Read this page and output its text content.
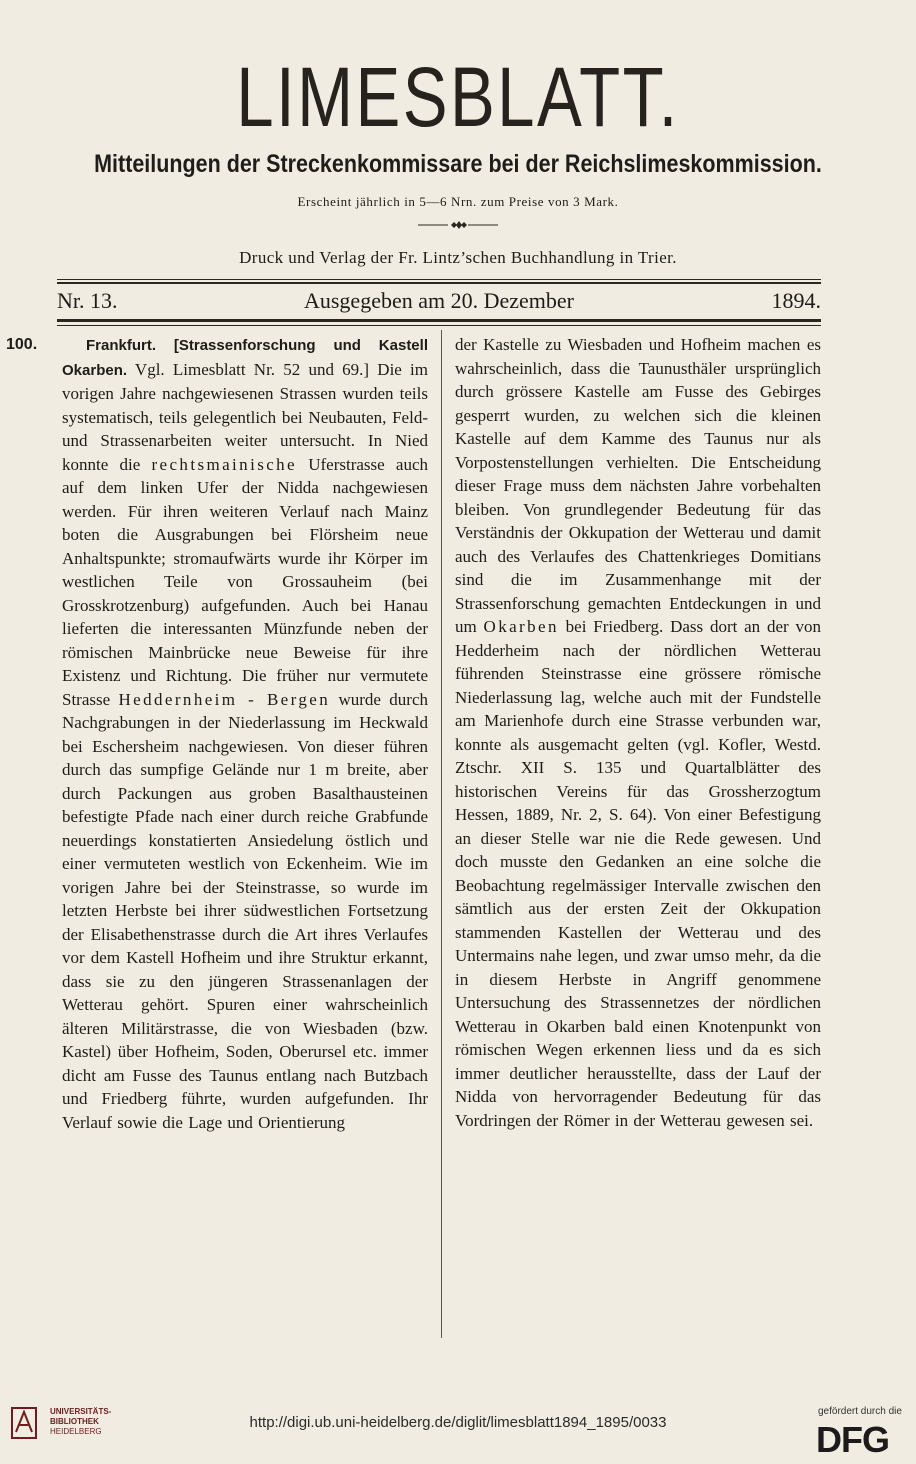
LIMESBLATT.
Mitteilungen der Streckenkommissare bei der Reichslimeskommission.
Erscheint jährlich in 5—6 Nrn. zum Preise von 3 Mark.
Druck und Verlag der Fr. Lintz’schen Buchhandlung in Trier.
Nr. 13.	Ausgegeben am 20. Dezember	1894.
100.	Frankfurt. [Strassenforschung und Kastell Okarben. Vgl. Limesblatt Nr. 52 und 69.] Die im vorigen Jahre nachgewiesenen Strassen wurden teils systematisch, teils gelegentlich bei Neubauten, Feld- und Strassenarbeiten weiter untersucht. In Nied konnte die rechtsmainische Uferstrasse auch auf dem linken Ufer der Nidda nachgewiesen werden. Für ihren weiteren Verlauf nach Mainz boten die Ausgrabungen bei Flörsheim neue Anhaltspunkte; stromaufwärts wurde ihr Körper im westlichen Teile von Grossauheim (bei Grosskrotzenburg) aufgefunden. Auch bei Hanau lieferten die interessanten Münzfunde neben der römischen Mainbrücke neue Beweise für ihre Existenz und Richtung. Die früher nur vermutete Strasse Heddernheim - Bergen wurde durch Nachgrabungen in der Niederlassung im Heckwald bei Eschersheim nachgewiesen. Von dieser führen durch das sumpfige Gelände nur 1 m breite, aber durch Packungen aus groben Basalthausteinen befestigte Pfade nach einer durch reiche Grabfunde neuerdings konstatierten Ansiedelung östlich und einer vermuteten westlich von Eckenheim. Wie im vorigen Jahre bei der Steinstrasse, so wurde im letzten Herbste bei ihrer südwestlichen Fortsetzung der Elisabethenstrasse durch die Art ihres Verlaufes vor dem Kastell Hofheim und ihre Struktur erkannt, dass sie zu den jüngeren Strassenanlagen der Wetterau gehört. Spuren einer wahrscheinlich älteren Militärstrasse, die von Wiesbaden (bzw. Kastel) über Hofheim, Soden, Oberursel etc. immer dicht am Fusse des Taunus entlang nach Butzbach und Friedberg führte, wurden aufgefunden. Ihr Verlauf sowie die Lage und Orientierung

der Kastelle zu Wiesbaden und Hofheim machen es wahrscheinlich, dass die Taunusthäler ursprünglich durch grössere Kastelle am Fusse des Gebirges gesperrt wurden, zu welchen sich die kleinen Kastelle auf dem Kamme des Taunus nur als Vorpostenstellungen verhielten. Die Entscheidung dieser Frage muss dem nächsten Jahre vorbehalten bleiben. Von grundlegender Bedeutung für das Verständnis der Okkupation der Wetterau und damit auch des Verlaufes des Chattenkrieges Domitians sind die im Zusammenhange mit der Strassenforschung gemachten Entdeckungen in und um Okarben bei Friedberg. Dass dort an der von Hedderheim nach der nördlichen Wetterau führenden Steinstrasse eine grössere römische Niederlassung lag, welche auch mit der Fundstelle am Marienhofe durch eine Strasse verbunden war, konnte als ausgemacht gelten (vgl. Kofler, Westd. Ztschr. XII S. 135 und Quartalblätter des historischen Vereins für das Grossherzogtum Hessen, 1889, Nr. 2, S. 64). Von einer Befestigung an dieser Stelle war nie die Rede gewesen. Und doch musste den Gedanken an eine solche die Beobachtung regelmässiger Intervalle zwischen den sämtlich aus der ersten Zeit der Okkupation stammenden Kastellen der Wetterau und des Untermains nahe legen, und zwar umso mehr, da die in diesem Herbste in Angriff genommene Untersuchung des Strassennetzes der nördlichen Wetterau in Okarben bald einen Knotenpunkt von römischen Wegen erkennen liess und da es sich immer deutlicher herausstellte, dass der Lauf der Nidda von hervorragender Bedeutung für das Vordringen der Römer in der Wetterau gewesen sei.

UNIVERSITÄTS-
BIBLIOTHEK
HEIDELBERG
http://digi.ub.uni-heidelberg.de/diglit/limesblatt1894_1895/0033
gefördert durch die
DFG
